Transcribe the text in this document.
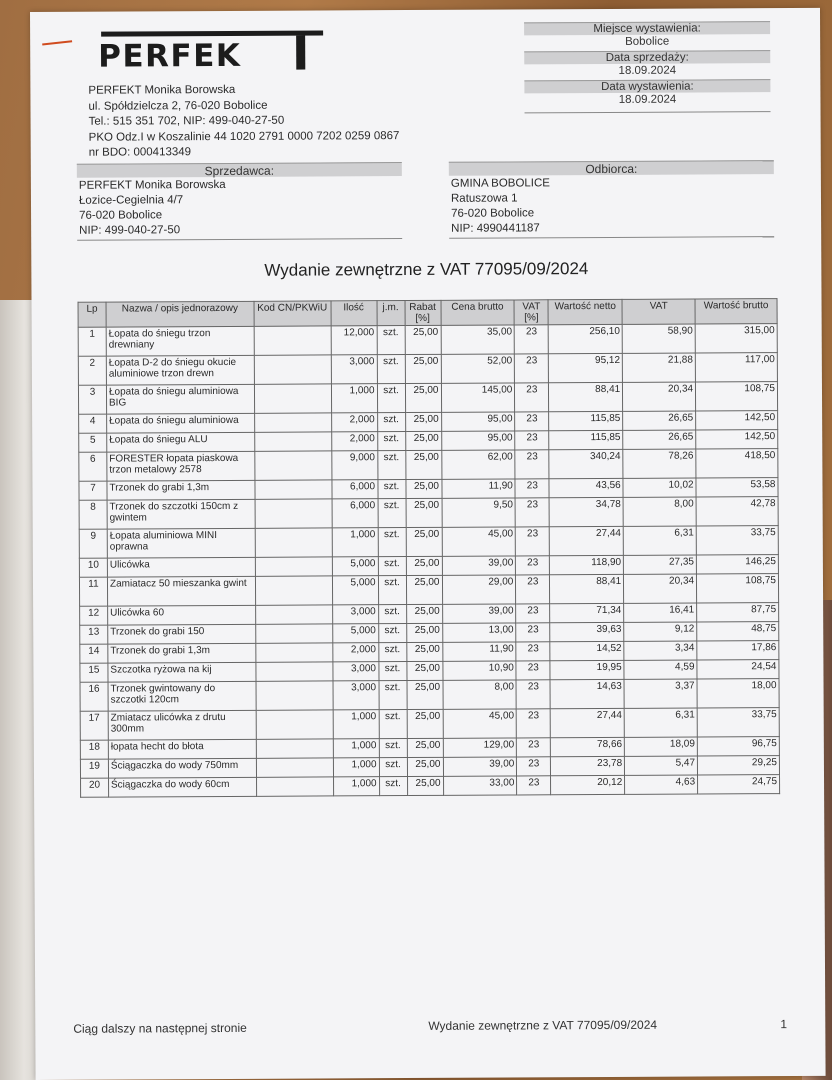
PERFEK
PERFEKT Monika Borowska
ul. Spółdzielcza 2, 76-020 Bobolice
Tel.: 515 351 702, NIP: 499-040-27-50
PKO Odz.I w Koszalinie 44 1020 2791 0000 7202 0259 0867
nr BDO: 000413349
Miejsce wystawienia:
Bobolice
Data sprzedaży:
18.09.2024
Data wystawienia:
18.09.2024
Sprzedawca:
PERFEKT Monika Borowska
Łozice-Cegielnia 4/7
76-020 Bobolice
NIP: 499-040-27-50
Odbiorca:
GMINA BOBOLICE
Ratuszowa 1
76-020 Bobolice
NIP: 4990441187
Wydanie zewnętrzne z VAT 77095/09/2024
Lp	Nazwa / opis jednorazowy	Kod CN/PKWiU	Ilość	j.m.	Rabat [%]	Cena brutto	VAT [%]	Wartość netto	VAT	Wartość brutto
1	Łopata do śniegu trzon drewniany		12,000	szt.	25,00	35,00	23	256,10	58,90	315,00
2	Łopata D-2 do śniegu okucie aluminiowe trzon drewn		3,000	szt.	25,00	52,00	23	95,12	21,88	117,00
3	Łopata do śniegu aluminiowa BIG		1,000	szt.	25,00	145,00	23	88,41	20,34	108,75
4	Łopata do śniegu aluminiowa		2,000	szt.	25,00	95,00	23	115,85	26,65	142,50
5	Łopata do śniegu ALU		2,000	szt.	25,00	95,00	23	115,85	26,65	142,50
6	FORESTER łopata piaskowa trzon metalowy 2578		9,000	szt.	25,00	62,00	23	340,24	78,26	418,50
7	Trzonek do grabi 1,3m		6,000	szt.	25,00	11,90	23	43,56	10,02	53,58
8	Trzonek do szczotki 150cm z gwintem		6,000	szt.	25,00	9,50	23	34,78	8,00	42,78
9	Łopata aluminiowa MINI oprawna		1,000	szt.	25,00	45,00	23	27,44	6,31	33,75
10	Ulicówka		5,000	szt.	25,00	39,00	23	118,90	27,35	146,25
11	Zamiatacz 50 mieszanka gwint		5,000	szt.	25,00	29,00	23	88,41	20,34	108,75
12	Ulicówka 60		3,000	szt.	25,00	39,00	23	71,34	16,41	87,75
13	Trzonek do grabi 150		5,000	szt.	25,00	13,00	23	39,63	9,12	48,75
14	Trzonek do grabi 1,3m		2,000	szt.	25,00	11,90	23	14,52	3,34	17,86
15	Szczotka ryżowa na kij		3,000	szt.	25,00	10,90	23	19,95	4,59	24,54
16	Trzonek gwintowany do szczotki 120cm		3,000	szt.	25,00	8,00	23	14,63	3,37	18,00
17	Zmiatacz ulicówka z drutu 300mm		1,000	szt.	25,00	45,00	23	27,44	6,31	33,75
18	łopata hecht do błota		1,000	szt.	25,00	129,00	23	78,66	18,09	96,75
19	Ściągaczka do wody 750mm		1,000	szt.	25,00	39,00	23	23,78	5,47	29,25
20	Ściągaczka do wody 60cm		1,000	szt.	25,00	33,00	23	20,12	4,63	24,75
Ciąg dalszy na następnej stronie	Wydanie zewnętrzne z VAT 77095/09/2024	1
